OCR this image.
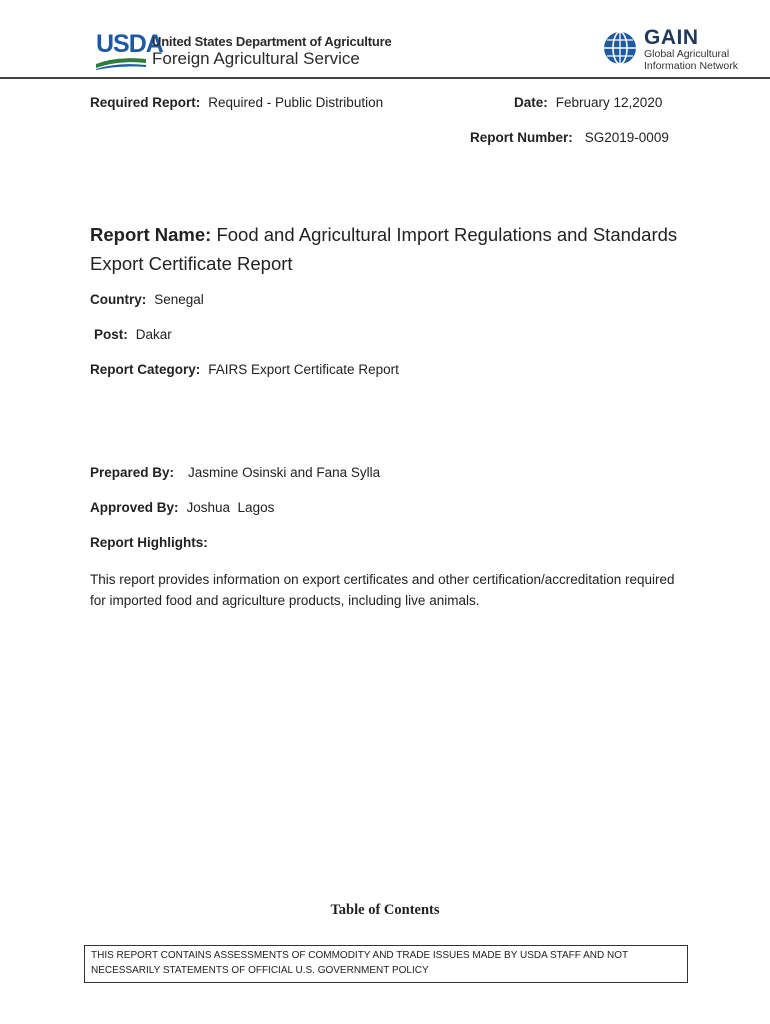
USDA
United States Department of Agriculture
Foreign Agricultural Service
GAIN
Global Agricultural
Information Network
Required Report: Required - Public Distribution	Date: February 12,2020
Report Number: SG2019-0009
Report Name: Food and Agricultural Import Regulations and Standards Export Certificate Report
Country: Senegal
Post: Dakar
Report Category: FAIRS Export Certificate Report
Prepared By: Jasmine Osinski and Fana Sylla
Approved By: Joshua  Lagos
Report Highlights:
This report provides information on export certificates and other certification/accreditation required for imported food and agriculture products, including live animals.
Table of Contents
THIS REPORT CONTAINS ASSESSMENTS OF COMMODITY AND TRADE ISSUES MADE BY USDA STAFF AND NOT NECESSARILY STATEMENTS OF OFFICIAL U.S. GOVERNMENT POLICY
